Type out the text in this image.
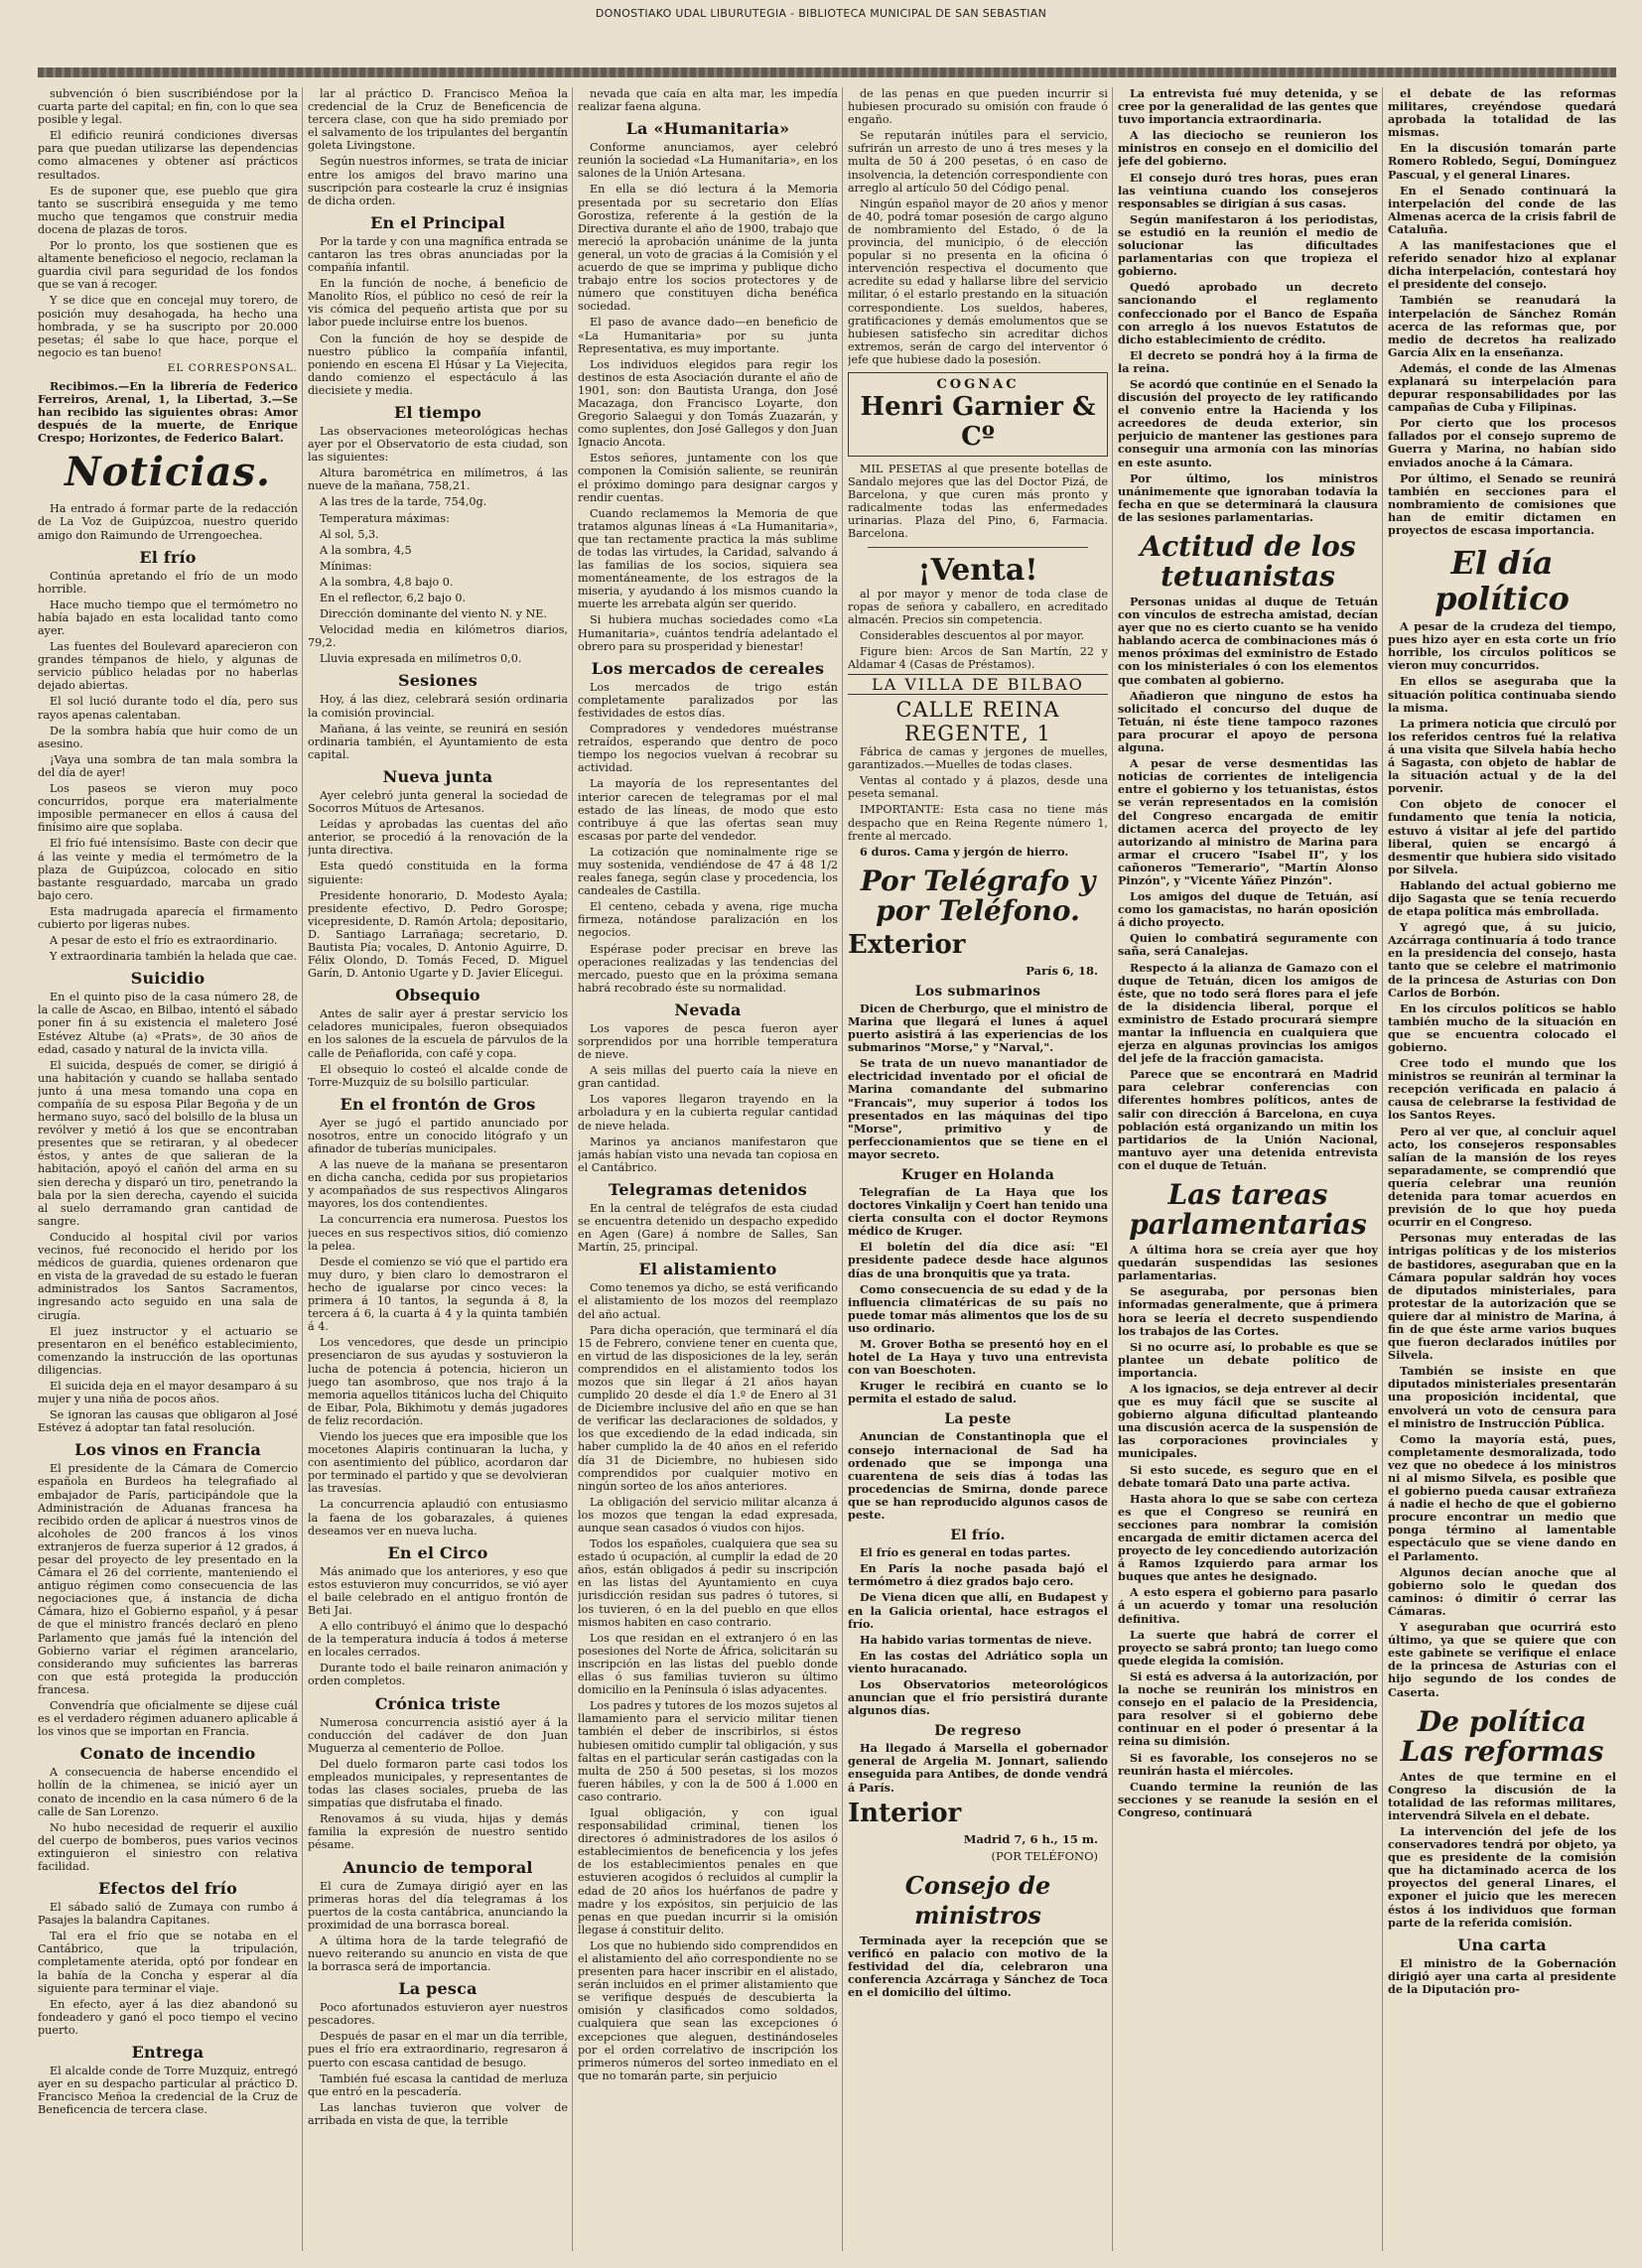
DONOSTIAKO UDAL LIBURUTEGIA - BIBLIOTECA MUNICIPAL DE SAN SEBASTIAN

subvención ó bien suscribiéndose por la cuarta parte del capital; en fin, con lo que sea posible y legal.

El edificio reunirá condiciones diversas para que puedan utilizarse las dependencias como almacenes y obtener así prácticos resultados.

Es de suponer que, ese pueblo que gira tanto se suscribirá enseguida y me temo mucho que tengamos que construir media docena de plazas de toros.

Por lo pronto, los que sostienen que es altamente beneficioso el negocio, reclaman la guardia civil para seguridad de los fondos que se van á recoger.

Y se dice que en concejal muy torero, de posición muy desahogada, ha hecho una hombrada, y se ha suscripto por 20.000 pesetas; él sabe lo que hace, porque el negocio es tan bueno!

EL CORRESPONSAL.

Recibimos.—En la librería de Federico Ferreiros, Arenal, 1, la Libertad, 3.—Se han recibido las siguientes obras: Amor después de la muerte, de Enrique Crespo; Horizontes, de Federico Balart.

Noticias.

Ha entrado á formar parte de la redacción de La Voz de Guipúzcoa, nuestro querido amigo don Raimundo de Urrengoechea.

El frío

Continúa apretando el frío de un modo horrible.

Hace mucho tiempo que el termómetro no había bajado en esta localidad tanto como ayer.

Las fuentes del Boulevard aparecieron con grandes témpanos de hielo, y algunas de servicio público heladas por no haberlas dejado abiertas.

El sol lució durante todo el día, pero sus rayos apenas calentaban.

De la sombra había que huir como de un asesino.

¡Vaya una sombra de tan mala sombra la del día de ayer!

Los paseos se vieron muy poco concurridos, porque era materialmente imposible permanecer en ellos á causa del finísimo aire que soplaba.

El frío fué intensísimo. Baste con decir que á las veinte y media el termómetro de la plaza de Guipúzcoa, colocado en sitio bastante resguardado, marcaba un grado bajo cero.

Esta madrugada aparecía el firmamento cubierto por ligeras nubes.

A pesar de esto el frío es extraordinario.

Y extraordinaria también la helada que cae.

Suicidio

En el quinto piso de la casa número 28, de la calle de Ascao, en Bilbao, intentó el sábado poner fin á su existencia el maletero José Estévez Altube (a) «Prats», de 30 años de edad, casado y natural de la invicta villa.

El suicida, después de comer, se dirigió á una habitación y cuando se hallaba sentado junto á una mesa tomando una copa en compañía de su esposa Pilar Begoña y de un hermano suyo, sacó del bolsillo de la blusa un revólver y metió á los que se encontraban presentes que se retiraran, y al obedecer éstos, y antes de que salieran de la habitación, apoyó el cañón del arma en su sien derecha y disparó un tiro, penetrando la bala por la sien derecha, cayendo el suicida al suelo derramando gran cantidad de sangre.

Conducido al hospital civil por varios vecinos, fué reconocido el herido por los médicos de guardia, quienes ordenaron que en vista de la gravedad de su estado le fueran administrados los Santos Sacramentos, ingresando acto seguido en una sala de cirugía.

El juez instructor y el actuario se presentaron en el benéfico establecimiento, comenzando la instrucción de las oportunas diligencias.

El suicida deja en el mayor desamparo á su mujer y una niña de pocos años.

Se ignoran las causas que obligaron al José Estévez á adoptar tan fatal resolución.

Los vinos en Francia

El presidente de la Cámara de Comercio española en Burdeos ha telegrafiado al embajador de París, participándole que la Administración de Aduanas francesa ha recibido orden de aplicar á nuestros vinos de alcoholes de 200 francos á los vinos extranjeros de fuerza superior á 12 grados, á pesar del proyecto de ley presentado en la Cámara el 26 del corriente, manteniendo el antiguo régimen como consecuencia de las negociaciones que, á instancia de dicha Cámara, hizo el Gobierno español, y á pesar de que el ministro francés declaró en pleno Parlamento que jamás fué la intención del Gobierno variar el régimen arancelario, considerando muy suficientes las barreras con que está protegida la producción francesa.

Convendría que oficialmente se dijese cuál es el verdadero régimen aduanero aplicable á los vinos que se importan en Francia.

Conato de incendio

A consecuencia de haberse encendido el hollín de la chimenea, se inició ayer un conato de incendio en la casa número 6 de la calle de San Lorenzo.

No hubo necesidad de requerir el auxilio del cuerpo de bomberos, pues varios vecinos extinguieron el siniestro con relativa facilidad.

Efectos del frío

El sábado salió de Zumaya con rumbo á Pasajes la balandra Capitanes.

Tal era el frío que se notaba en el Cantábrico, que la tripulación, completamente aterida, optó por fondear en la bahía de la Concha y esperar al día siguiente para terminar el viaje.

En efecto, ayer á las diez abandonó su fondeadero y ganó el poco tiempo el vecino puerto.

Entrega

El alcalde conde de Torre Muzquiz, entregó ayer en su despacho particular al práctico D. Francisco Meñoa la credencial de la Cruz de Beneficencia de tercera clase.

lar al práctico D. Francisco Meñoa la credencial de la Cruz de Beneficencia de tercera clase, con que ha sido premiado por el salvamento de los tripulantes del bergantín goleta Livingstone.

Según nuestros informes, se trata de iniciar entre los amigos del bravo marino una suscripción para costearle la cruz é insignias de dicha orden.

En el Principal

Por la tarde y con una magnífica entrada se cantaron las tres obras anunciadas por la compañía infantil.

En la función de noche, á beneficio de Manolito Ríos, el público no cesó de reír la vis cómica del pequeño artista que por su labor puede incluirse entre los buenos.

Con la función de hoy se despide de nuestro público la compañía infantil, poniendo en escena El Húsar y La Viejecita, dando comienzo el espectáculo á las diecisiete y media.

El tiempo

Las observaciones meteorológicas hechas ayer por el Observatorio de esta ciudad, son las siguientes:

Altura barométrica en milímetros, á las nueve de la mañana, 758,21.

A las tres de la tarde, 754,0g.

Temperatura máximas:

Al sol, 5,3.

A la sombra, 4,5

Mínimas:

A la sombra, 4,8 bajo 0.

En el reflector, 6,2 bajo 0.

Dirección dominante del viento N. y NE.

Velocidad media en kilómetros diarios, 79,2.

Lluvia expresada en milímetros 0,0.

Sesiones

Hoy, á las diez, celebrará sesión ordinaria la comisión provincial.

Mañana, á las veinte, se reunirá en sesión ordinaria también, el Ayuntamiento de esta capital.

Nueva junta

Ayer celebró junta general la sociedad de Socorros Mútuos de Artesanos.

Leídas y aprobadas las cuentas del año anterior, se procedió á la renovación de la junta directiva.

Esta quedó constituida en la forma siguiente:

Presidente honorario, D. Modesto Ayala; presidente efectivo, D. Pedro Gorospe; vicepresidente, D. Ramón Artola; depositario, D. Santiago Larrañaga; secretario, D. Bautista Pía; vocales, D. Antonio Aguirre, D. Félix Olondo, D. Tomás Feced, D. Miguel Garín, D. Antonio Ugarte y D. Javier Elícegui.

Obsequio

Antes de salir ayer á prestar servicio los celadores municipales, fueron obsequiados en los salones de la escuela de párvulos de la calle de Peñaflorida, con café y copa.

El obsequio lo costeó el alcalde conde de Torre-Muzquiz de su bolsillo particular.

En el frontón de Gros

Ayer se jugó el partido anunciado por nosotros, entre un conocido litógrafo y un afinador de tuberías municipales.

A las nueve de la mañana se presentaron en dicha cancha, cedida por sus propietarios y acompañados de sus respectivos Alingaros mayores, los dos contendientes.

La concurrencia era numerosa. Puestos los jueces en sus respectivos sitios, dió comienzo la pelea.

Desde el comienzo se vió que el partido era muy duro, y bien claro lo demostraron el hecho de igualarse por cinco veces: la primera á 10 tantos, la segunda á 8, la tercera á 6, la cuarta á 4 y la quinta también á 4.

Los vencedores, que desde un principio presenciaron de sus ayudas y sostuvieron la lucha de potencia á potencia, hicieron un juego tan asombroso, que nos trajo á la memoria aquellos titánicos lucha del Chiquito de Eibar, Pola, Bikhimotu y demás jugadores de feliz recordación.

Viendo los jueces que era imposible que los mocetones Alapiris continuaran la lucha, y con asentimiento del público, acordaron dar por terminado el partido y que se devolvieran las travesías.

La concurrencia aplaudió con entusiasmo la faena de los gobarazales, á quienes deseamos ver en nueva lucha.

En el Circo

Más animado que los anteriores, y eso que estos estuvieron muy concurridos, se vió ayer el baile celebrado en el antiguo frontón de Beti Jai.

A ello contribuyó el ánimo que lo despachó de la temperatura inducía á todos á meterse en locales cerrados.

Durante todo el baile reinaron animación y orden completos.

Crónica triste

Numerosa concurrencia asistió ayer á la conducción del cadáver de don Juan Muguerza al cementerio de Polloe.

Del duelo formaron parte casi todos los empleados municipales, y representantes de todas las clases sociales, prueba de las simpatías que disfrutaba el finado.

Renovamos á su viuda, hijas y demás familia la expresión de nuestro sentido pésame.

Anuncio de temporal

El cura de Zumaya dirigió ayer en las primeras horas del día telegramas á los puertos de la costa cantábrica, anunciando la proximidad de una borrasca boreal.

A última hora de la tarde telegrafió de nuevo reiterando su anuncio en vista de que la borrasca será de importancia.

La pesca

Poco afortunados estuvieron ayer nuestros pescadores.

Después de pasar en el mar un día terrible, pues el frío era extraordinario, regresaron á puerto con escasa cantidad de besugo.

También fué escasa la cantidad de merluza que entró en la pescadería.

Las lanchas tuvieron que volver de arribada en vista de que, la terrible

nevada que caía en alta mar, les impedía realizar faena alguna.

La «Humanitaria»

Conforme anunciamos, ayer celebró reunión la sociedad «La Humanitaria», en los salones de la Unión Artesana.

En ella se dió lectura á la Memoria presentada por su secretario don Elías Gorostiza, referente á la gestión de la Directiva durante el año de 1900, trabajo que mereció la aprobación unánime de la junta general, un voto de gracias á la Comisión y el acuerdo de que se imprima y publique dicho trabajo entre los socios protectores y de número que constituyen dicha benéfica sociedad.

El paso de avance dado—en beneficio de «La Humanitaria» por su junta Representativa, es muy importante.

Los individuos elegidos para regir los destinos de esta Asociación durante el año de 1901, son: don Bautista Uranga, don José Macazaga, don Francisco Loyarte, don Gregorio Salaegui y don Tomás Zuazarán, y como suplentes, don José Gallegos y don Juan Ignacio Ancota.

Estos señores, juntamente con los que componen la Comisión saliente, se reunirán el próximo domingo para designar cargos y rendir cuentas.

Cuando reclamemos la Memoria de que tratamos algunas líneas á «La Humanitaria», que tan rectamente practica la más sublime de todas las virtudes, la Caridad, salvando á las familias de los socios, siquiera sea momentáneamente, de los estragos de la miseria, y ayudando á los mismos cuando la muerte les arrebata algún ser querido.

Si hubiera muchas sociedades como «La Humanitaria», cuántos tendría adelantado el obrero para su prosperidad y bienestar!

Los mercados de cereales

Los mercados de trigo están completamente paralizados por las festividades de estos días.

Compradores y vendedores muéstranse retraídos, esperando que dentro de poco tiempo los negocios vuelvan á recobrar su actividad.

La mayoría de los representantes del interior carecen de telegramas por el mal estado de las líneas, de modo que esto contribuye á que las ofertas sean muy escasas por parte del vendedor.

La cotización que nominalmente rige se muy sostenida, vendiéndose de 47 á 48 1/2 reales fanega, según clase y procedencia, los candeales de Castilla.

El centeno, cebada y avena, rige mucha firmeza, notándose paralización en los negocios.

Espérase poder precisar en breve las operaciones realizadas y las tendencias del mercado, puesto que en la próxima semana habrá recobrado éste su normalidad.

Nevada

Los vapores de pesca fueron ayer sorprendidos por una horrible temperatura de nieve.

A seis millas del puerto caía la nieve en gran cantidad.

Los vapores llegaron trayendo en la arboladura y en la cubierta regular cantidad de nieve helada.

Marinos ya ancianos manifestaron que jamás habían visto una nevada tan copiosa en el Cantábrico.

Telegramas detenidos

En la central de telégrafos de esta ciudad se encuentra detenido un despacho expedido en Agen (Gare) á nombre de Salles, San Martín, 25, principal.

El alistamiento

Como tenemos ya dicho, se está verificando el alistamiento de los mozos del reemplazo del año actual.

Para dicha operación, que terminará el día 15 de Febrero, conviene tener en cuenta que, en virtud de las disposiciones de la ley, serán comprendidos en el alistamiento todos los mozos que sin llegar á 21 años hayan cumplido 20 desde el día 1.º de Enero al 31 de Diciembre inclusive del año en que se han de verificar las declaraciones de soldados, y los que excediendo de la edad indicada, sin haber cumplido la de 40 años en el referido día 31 de Diciembre, no hubiesen sido comprendidos por cualquier motivo en ningún sorteo de los años anteriores.

La obligación del servicio militar alcanza á los mozos que tengan la edad expresada, aunque sean casados ó viudos con hijos.

Todos los españoles, cualquiera que sea su estado ú ocupación, al cumplir la edad de 20 años, están obligados á pedir su inscripción en las listas del Ayuntamiento en cuya jurisdicción residan sus padres ó tutores, si los tuvieren, ó en la del pueblo en que ellos mismos habiten en caso contrario.

Los que residan en el extranjero ó en las posesiones del Norte de África, solicitarán su inscripción en las listas del pueblo donde ellas ó sus familias tuvieron su último domicilio en la Península ó islas adyacentes.

Los padres y tutores de los mozos sujetos al llamamiento para el servicio militar tienen también el deber de inscribirlos, si éstos hubiesen omitido cumplir tal obligación, y sus faltas en el particular serán castigadas con la multa de 250 á 500 pesetas, si los mozos fueren hábiles, y con la de 500 á 1.000 en caso contrario.

Igual obligación, y con igual responsabilidad criminal, tienen los directores ó administradores de los asilos ó establecimientos de beneficencia y los jefes de los establecimientos penales en que estuvieren acogidos ó recluidos al cumplir la edad de 20 años los huérfanos de padre y madre y los expósitos, sin perjuicio de las penas en que puedan incurrir si la omisión llegase á constituir delito.

Los que no hubiendo sido comprendidos en el alistamiento del año correspondiente no se presenten para hacer inscribir en el alistado, serán incluidos en el primer alistamiento que se verifique después de descubierta la omisión y clasificados como soldados, cualquiera que sean las excepciones ó excepciones que aleguen, destinándoseles por el orden correlativo de inscripción los primeros números del sorteo inmediato en el que no tomarán parte, sin perjuicio

de las penas en que pueden incurrir si hubiesen procurado su omisión con fraude ó engaño.

Se reputarán inútiles para el servicio, sufrirán un arresto de uno á tres meses y la multa de 50 á 200 pesetas, ó en caso de insolvencia, la detención correspondiente con arreglo al artículo 50 del Código penal.

Ningún español mayor de 20 años y menor de 40, podrá tomar posesión de cargo alguno de nombramiento del Estado, ó de la provincia, del municipio, ó de elección popular si no presenta en la oficina ó intervención respectiva el documento que acredite su edad y hallarse libre del servicio militar, ó el estarlo prestando en la situación correspondiente. Los sueldos, haberes, gratificaciones y demás emolumentos que se hubiesen satisfecho sin acreditar dichos extremos, serán de cargo del interventor ó jefe que hubiese dado la posesión.

COGNAC
Henri Garnier & Cº

MIL PESETAS al que presente botellas de Sandalo mejores que las del Doctor Pizá, de Barcelona, y que curen más pronto y radicalmente todas las enfermedades urinarias. Plaza del Pino, 6, Farmacia. Barcelona.

¡Venta!

al por mayor y menor de toda clase de ropas de señora y caballero, en acreditado almacén. Precios sin competencia.

Considerables descuentos al por mayor.

Figure bien: Arcos de San Martín, 22 y Aldamar 4 (Casas de Préstamos).

LA VILLA DE BILBAO
CALLE REINA REGENTE, 1

Fábrica de camas y jergones de muelles, garantizados.—Muelles de todas clases.

Ventas al contado y á plazos, desde una peseta semanal.

IMPORTANTE: Esta casa no tiene más despacho que en Reina Regente número 1, frente al mercado.

6 duros. Cama y jergón de hierro.

Por Telégrafo y por Teléfono.
Exterior
París 6, 18.
Los submarinos

Dicen de Cherburgo, que el ministro de Marina que llegará el lunes á aquel puerto asistirá á las experiencias de los submarinos "Morse," y "Narval,".

Se trata de un nuevo manantiador de electricidad inventado por el oficial de Marina comandante del submarino "Francais", muy superior á todos los presentados en las máquinas del tipo "Morse", primitivo y de perfeccionamientos que se tiene en el mayor secreto.

Kruger en Holanda

Telegrafían de La Haya que los doctores Vinkalijn y Coert han tenido una cierta consulta con el doctor Reymons médico de Kruger.

El boletín del día dice así: "El presidente padece desde hace algunos días de una bronquitis que ya trata.

Como consecuencia de su edad y de la influencia climatéricas de su país no puede tomar más alimentos que los de su uso ordinario.

M. Grover Botha se presentó hoy en el hotel de La Haya y tuvo una entrevista con van Boeschoten.

Kruger le recibirá en cuanto se lo permita el estado de salud.

La peste

Anuncian de Constantinopla que el consejo internacional de Sad ha ordenado que se imponga una cuarentena de seis días á todas las procedencias de Smirna, donde parece que se han reproducido algunos casos de peste.

El frío.

El frío es general en todas partes.

En París la noche pasada bajó el termómetro á diez grados bajo cero.

De Viena dicen que allí, en Budapest y en la Galicia oriental, hace estragos el frío.

Ha habido varias tormentas de nieve.

En las costas del Adriático sopla un viento huracanado.

Los Observatorios meteorológicos anuncian que el frío persistirá durante algunos días.

De regreso

Ha llegado á Marsella el gobernador general de Argelia M. Jonnart, saliendo enseguida para Antibes, de donde vendrá á París.

Interior
Madrid 7, 6 h., 15 m.
(POR TELÉFONO)
Consejo de ministros

Terminada ayer la recepción que se verificó en palacio con motivo de la festividad del día, celebraron una conferencia Azcárraga y Sánchez de Toca en el domicilio del último.

La entrevista fué muy detenida, y se cree por la generalidad de las gentes que tuvo importancia extraordinaria.

A las dieciocho se reunieron los ministros en consejo en el domicilio del jefe del gobierno.

El consejo duró tres horas, pues eran las veintiuna cuando los consejeros responsables se dirigían á sus casas.

Según manifestaron á los periodistas, se estudió en la reunión el medio de solucionar las dificultades parlamentarias con que tropieza el gobierno.

Quedó aprobado un decreto sancionando el reglamento confeccionado por el Banco de España con arreglo á los nuevos Estatutos de dicho establecimiento de crédito.

El decreto se pondrá hoy á la firma de la reina.

Se acordó que continúe en el Senado la discusión del proyecto de ley ratificando el convenio entre la Hacienda y los acreedores de deuda exterior, sin perjuicio de mantener las gestiones para conseguir una armonía con las minorías en este asunto.

Por último, los ministros unánimemente que ignoraban todavía la fecha en que se determinará la clausura de las sesiones parlamentarias.

Actitud de los tetuanistas

Personas unidas al duque de Tetuán con vínculos de estrecha amistad, decían ayer que no es cierto cuanto se ha venido hablando acerca de combinaciones más ó menos próximas del exministro de Estado con los ministeriales ó con los elementos que combaten al gobierno.

Añadieron que ninguno de estos ha solicitado el concurso del duque de Tetuán, ni éste tiene tampoco razones para procurar el apoyo de persona alguna.

A pesar de verse desmentidas las noticias de corrientes de inteligencia entre el gobierno y los tetuanistas, éstos se verán representados en la comisión del Congreso encargada de emitir dictamen acerca del proyecto de ley autorizando al ministro de Marina para armar el crucero "Isabel II", y los cañoneros "Temerario", "Martín Alonso Pinzón", y "Vicente Yáñez Pinzón".

Los amigos del duque de Tetuán, así como los gamacistas, no harán oposición á dicho proyecto.

Quien lo combatirá seguramente con saña, será Canalejas.

Respecto á la alianza de Gamazo con el duque de Tetuán, dicen los amigos de éste, que no todo será flores para el jefe de la disidencia liberal, porque el exministro de Estado procurará siempre mantar la influencia en cualquiera que ejerza en algunas provincias los amigos del jefe de la fracción gamacista.

Parece que se encontrará en Madrid para celebrar conferencias con diferentes hombres políticos, antes de salir con dirección á Barcelona, en cuya población está organizando un mitin los partidarios de la Unión Nacional, mantuvo ayer una detenida entrevista con el duque de Tetuán.

Las tareas parlamentarias

A última hora se creía ayer que hoy quedarán suspendidas las sesiones parlamentarias.

Se aseguraba, por personas bien informadas generalmente, que á primera hora se leería el decreto suspendiendo los trabajos de las Cortes.

Si no ocurre así, lo probable es que se plantee un debate político de importancia.

A los ignacios, se deja entrever al decir que es muy fácil que se suscite al gobierno alguna dificultad planteando una discusión acerca de la suspensión de las corporaciones provinciales y municipales.

Si esto sucede, es seguro que en el debate tomará Dato una parte activa.

Hasta ahora lo que se sabe con certeza es que el Congreso se reunirá en secciones para nombrar la comisión encargada de emitir dictamen acerca del proyecto de ley concediendo autorización á Ramos Izquierdo para armar los buques que antes he designado.

A esto espera el gobierno para pasarlo á un acuerdo y tomar una resolución definitiva.

La suerte que habrá de correr el proyecto se sabrá pronto; tan luego como quede elegida la comisión.

Si está es adversa á la autorización, por la noche se reunirán los ministros en consejo en el palacio de la Presidencia, para resolver si el gobierno debe continuar en el poder ó presentar á la reina su dimisión.

Si es favorable, los consejeros no se reunirán hasta el miércoles.

Cuando termine la reunión de las secciones y se reanude la sesión en el Congreso, continuará

el debate de las reformas militares, creyéndose quedará aprobada la totalidad de las mismas.

En la discusión tomarán parte Romero Robledo, Seguí, Domínguez Pascual, y el general Linares.

En el Senado continuará la interpelación del conde de las Almenas acerca de la crisis fabril de Cataluña.

A las manifestaciones que el referido senador hizo al explanar dicha interpelación, contestará hoy el presidente del consejo.

También se reanudará la interpelación de Sánchez Román acerca de las reformas que, por medio de decretos ha realizado García Alix en la enseñanza.

Además, el conde de las Almenas explanará su interpelación para depurar responsabilidades por las campañas de Cuba y Filipinas.

Por cierto que los procesos fallados por el consejo supremo de Guerra y Marina, no habían sido enviados anoche á la Cámara.

Por último, el Senado se reunirá también en secciones para el nombramiento de comisiones que han de emitir dictamen en proyectos de escasa importancia.

El día político

A pesar de la crudeza del tiempo, pues hizo ayer en esta corte un frío horrible, los círculos políticos se vieron muy concurridos.

En ellos se aseguraba que la situación política continuaba siendo la misma.

La primera noticia que circuló por los referidos centros fué la relativa á una visita que Silvela había hecho á Sagasta, con objeto de hablar de la situación actual y de la del porvenir.

Con objeto de conocer el fundamento que tenía la noticia, estuvo á visitar al jefe del partido liberal, quien se encargó á desmentir que hubiera sido visitado por Silvela.

Hablando del actual gobierno me dijo Sagasta que se tenía recuerdo de etapa política más embrollada.

Y agregó que, á su juicio, Azcárraga continuaría á todo trance en la presidencia del consejo, hasta tanto que se celebre el matrimonio de la princesa de Asturias con Don Carlos de Borbón.

En los círculos políticos se hablo también mucho de la situación en que se encuentra colocado el gobierno.

Cree todo el mundo que los ministros se reunirán al terminar la recepción verificada en palacio á causa de celebrarse la festividad de los Santos Reyes.

Pero al ver que, al concluir aquel acto, los consejeros responsables salían de la mansión de los reyes separadamente, se comprendió que quería celebrar una reunión detenida para tomar acuerdos en previsión de lo que hoy pueda ocurrir en el Congreso.

Personas muy enteradas de las intrigas políticas y de los misterios de bastidores, aseguraban que en la Cámara popular saldrán hoy voces de diputados ministeriales, para protestar de la autorización que se quiere dar al ministro de Marina, á fin de que éste arme varios buques que fueron declarados inútiles por Silvela.

También se insiste en que diputados ministeriales presentarán una proposición incidental, que envolverá un voto de censura para el ministro de Instrucción Pública.

Como la mayoría está, pues, completamente desmoralizada, todo vez que no obedece á los ministros ni al mismo Silvela, es posible que el gobierno pueda causar extrañeza á nadie el hecho de que el gobierno procure encontrar un medio que ponga término al lamentable espectáculo que se viene dando en el Parlamento.

Algunos decían anoche que al gobierno solo le quedan dos caminos: ó dimitir ó cerrar las Cámaras.

Y aseguraban que ocurrirá esto último, ya que se quiere que con este gabinete se verifique el enlace de la princesa de Asturias con el hijo segundo de los condes de Caserta.

De política Las reformas

Antes de que termine en el Congreso la discusión de la totalidad de las reformas militares, intervendrá Silvela en el debate.

La intervención del jefe de los conservadores tendrá por objeto, ya que es presidente de la comisión que ha dictaminado acerca de los proyectos del general Linares, el exponer el juicio que les merecen éstos á los individuos que forman parte de la referida comisión.

Una carta

El ministro de la Gobernación dirigió ayer una carta al presidente de la Diputación pro-
